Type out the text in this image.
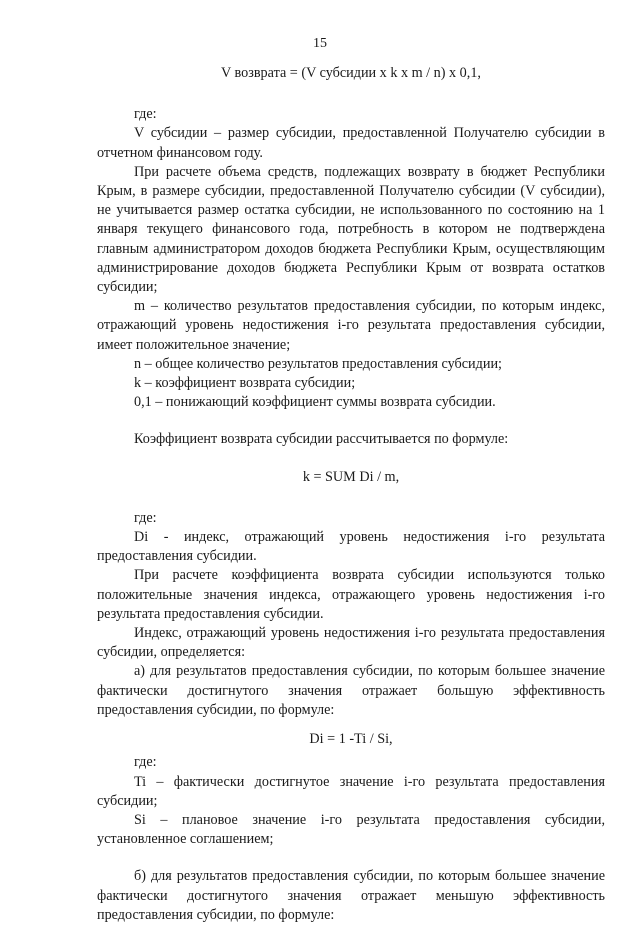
15

V возврата = (V субсидии x k x m / n) x 0,1,

где:

V субсидии – размер субсидии, предоставленной Получателю субсидии в отчетном финансовом году.

При расчете объема средств, подлежащих возврату в бюджет Республики Крым, в размере субсидии, предоставленной Получателю субсидии (V субсидии), не учитывается размер остатка субсидии, не использованного по состоянию на 1 января текущего финансового года, потребность в котором не подтверждена главным администратором доходов бюджета Республики Крым, осуществляющим администрирование доходов бюджета Республики Крым от возврата остатков субсидии;

m – количество результатов предоставления субсидии, по которым индекс, отражающий уровень недостижения i-го результата предоставления субсидии, имеет положительное значение;

n – общее количество результатов предоставления субсидии;

k – коэффициент возврата субсидии;

0,1 – понижающий коэффициент суммы возврата субсидии.

Коэффициент возврата субсидии рассчитывается по формуле:

k = SUM Di / m,

где:

Di - индекс, отражающий уровень недостижения i-го результата предоставления субсидии.

При расчете коэффициента возврата субсидии используются только положительные значения индекса, отражающего уровень недостижения i-го результата предоставления субсидии.

Индекс, отражающий уровень недостижения i-го результата предоставления субсидии, определяется:

а) для результатов предоставления субсидии, по которым большее значение фактически достигнутого значения отражает большую эффективность предоставления субсидии, по формуле:

Di = 1 -Ti / Si,

где:

Ti – фактически достигнутое значение i-го результата предоставления субсидии;

Si – плановое значение i-го результата предоставления субсидии, установленное соглашением;

б) для результатов предоставления субсидии, по которым большее значение фактически достигнутого значения отражает меньшую эффективность предоставления субсидии, по формуле:
